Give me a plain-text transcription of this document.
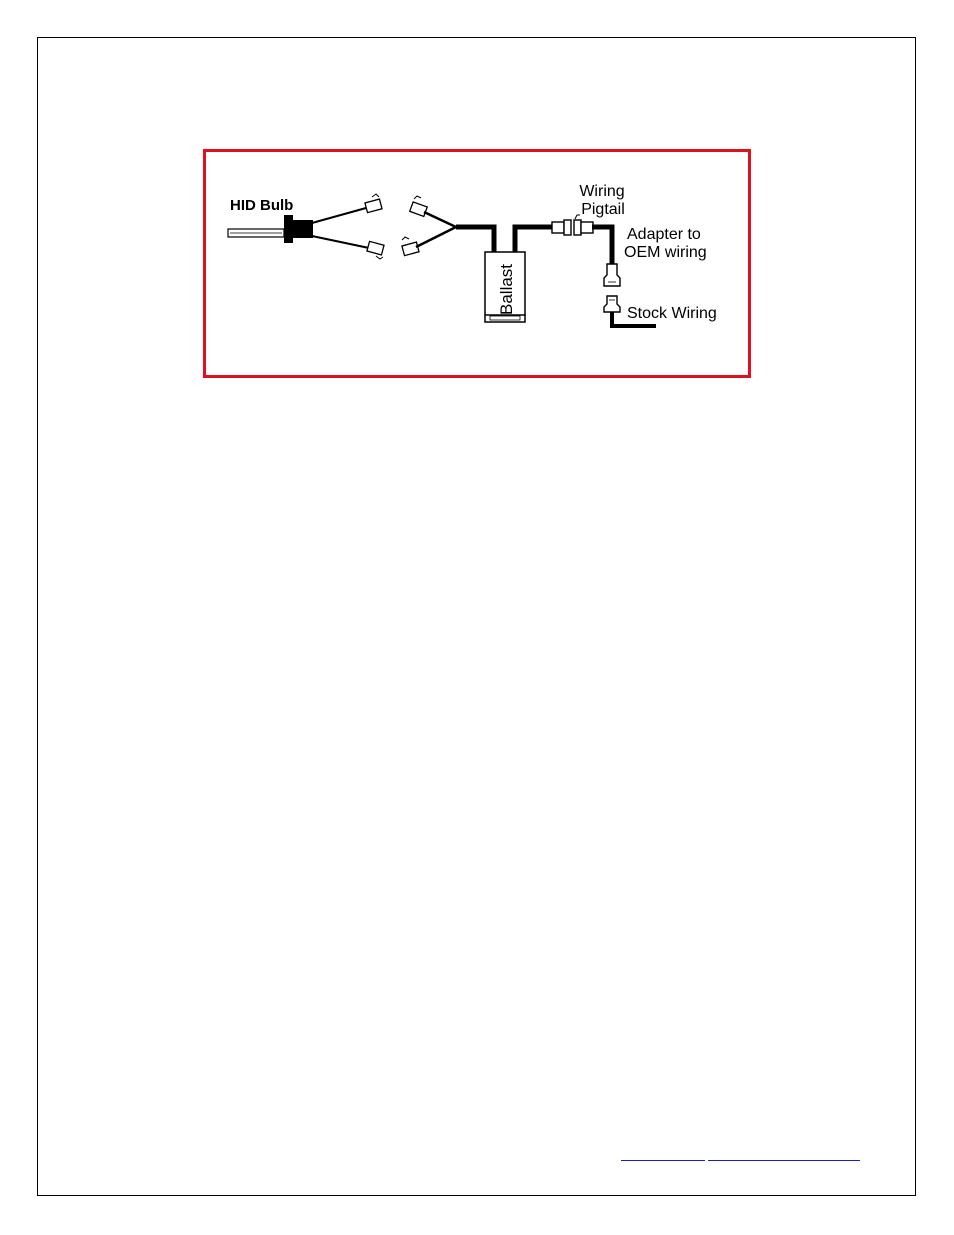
Ballast
HID Bulb
Wiring
Pigtail
Adapter to
OEM wiring
Stock Wiring
